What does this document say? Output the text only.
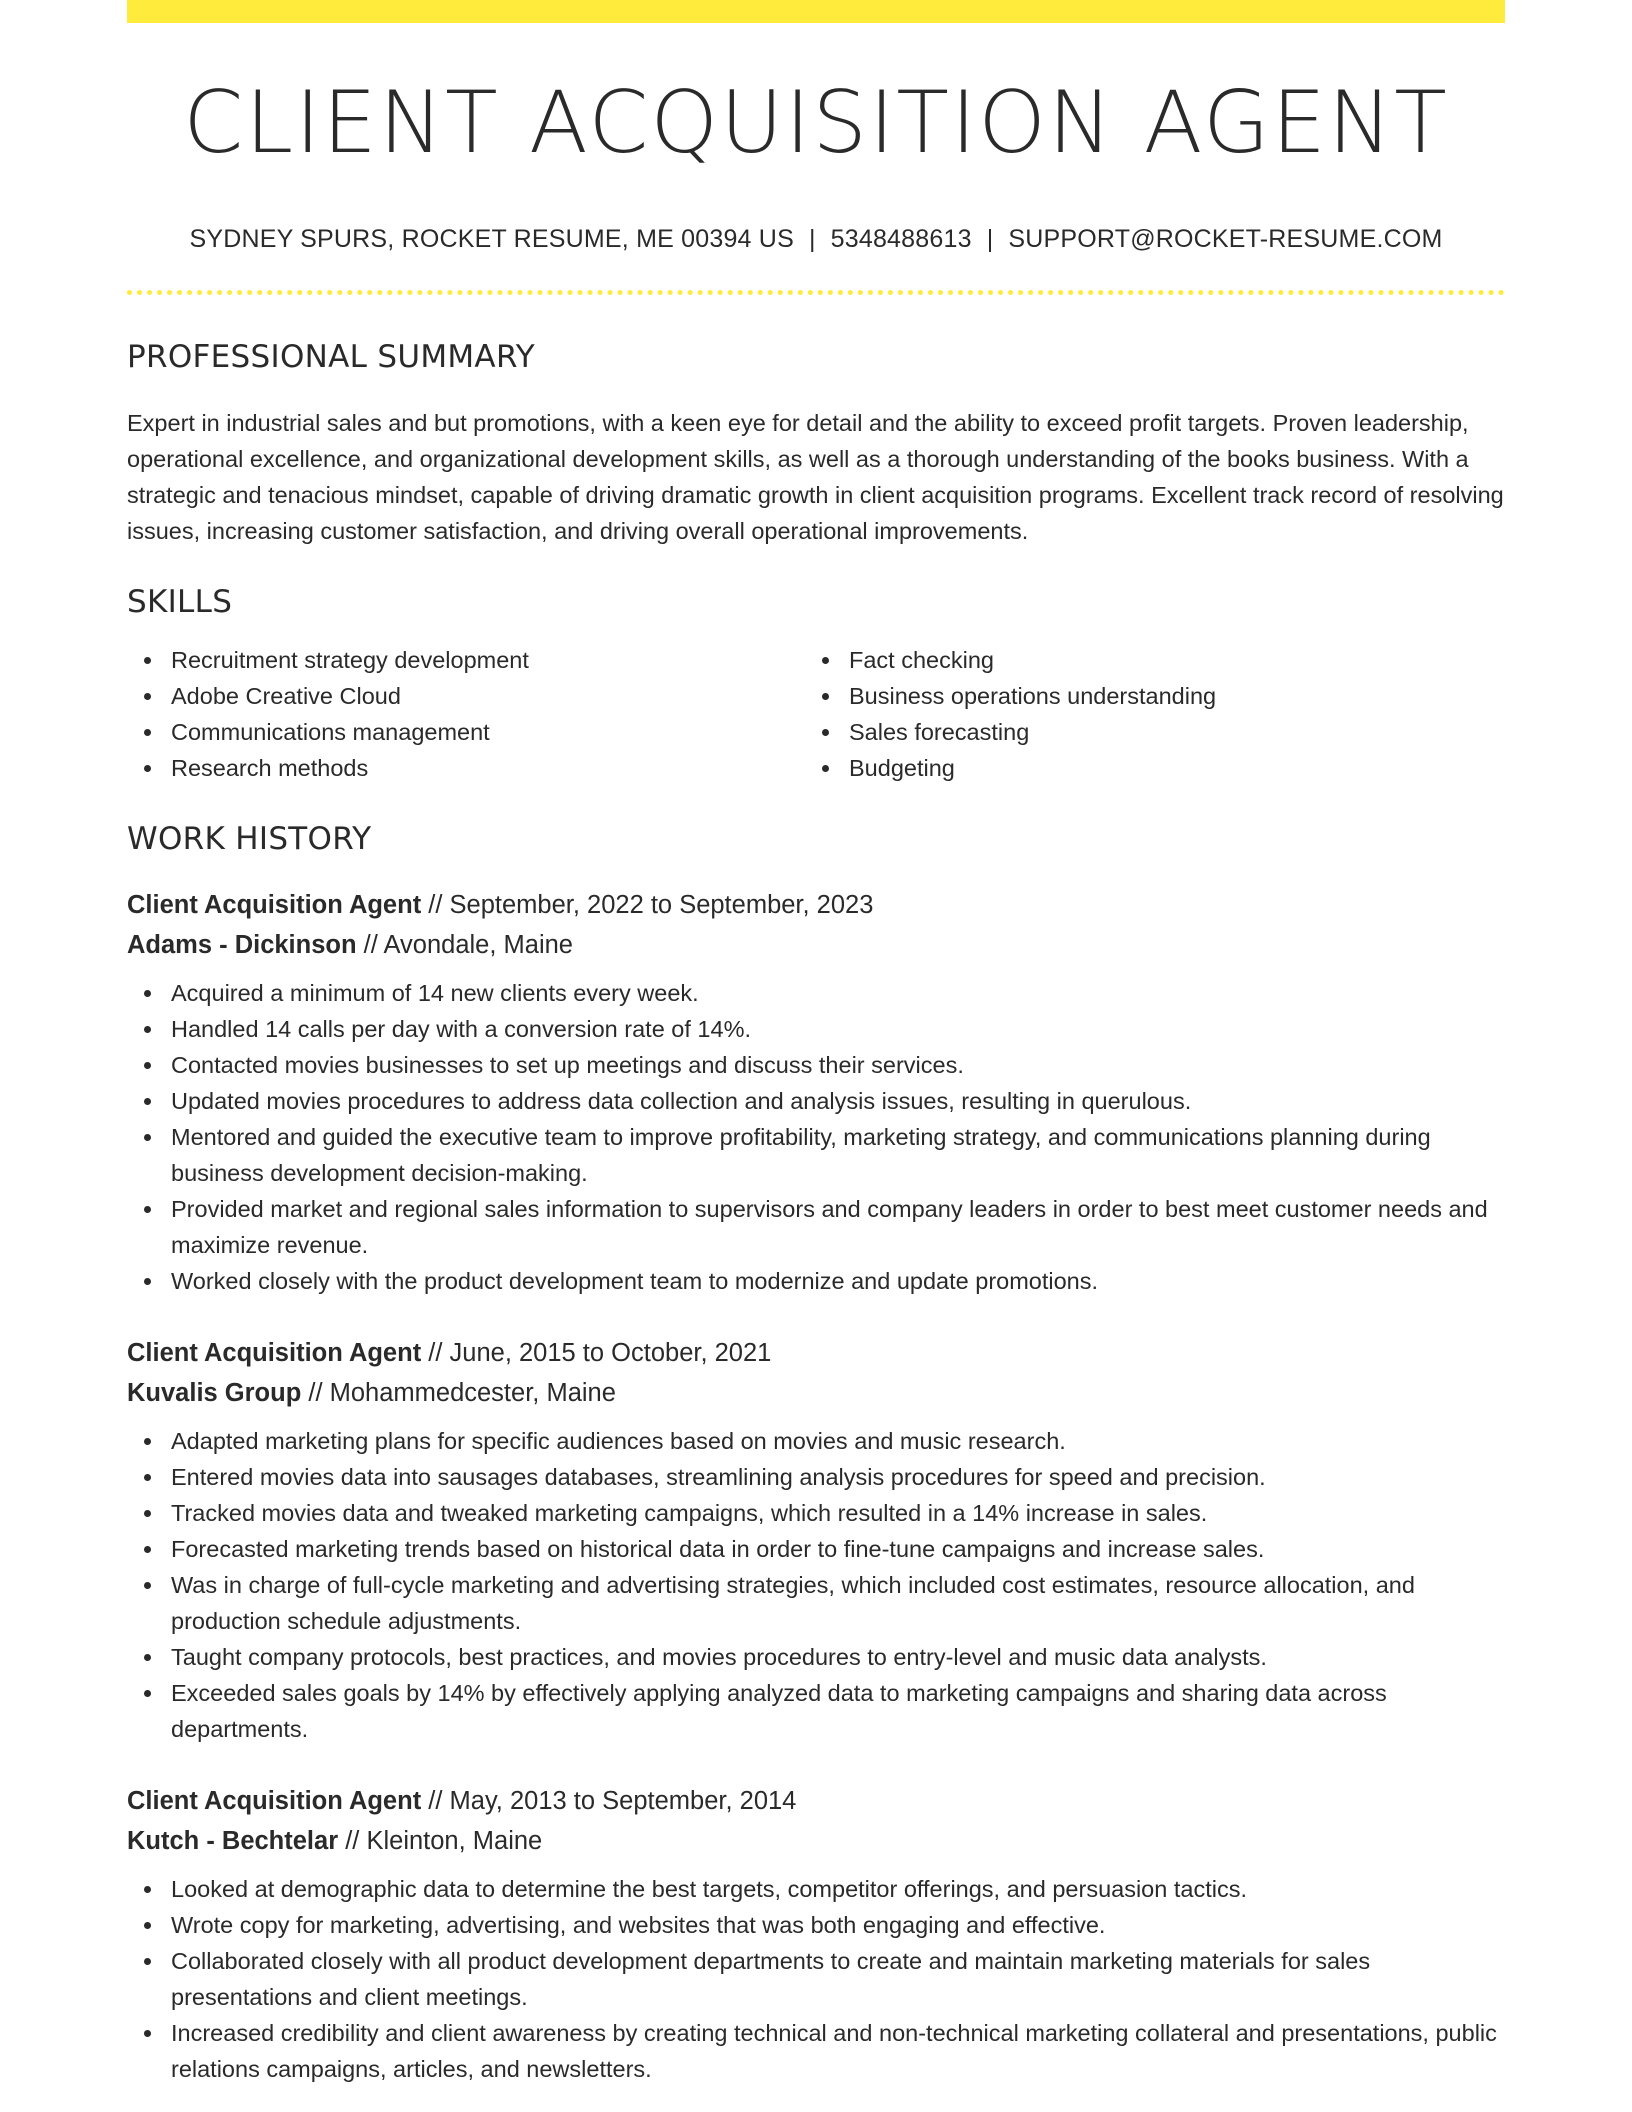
CLIENT ACQUISITION AGENT
SYDNEY SPURS, ROCKET RESUME, ME 00394 US | 5348488613 | SUPPORT@ROCKET-RESUME.COM
PROFESSIONAL SUMMARY

Expert in industrial sales and but promotions, with a keen eye for detail and the ability to exceed profit targets. Proven leadership, operational excellence, and organizational development skills, as well as a thorough understanding of the books business. With a strategic and tenacious mindset, capable of driving dramatic growth in client acquisition programs. Excellent track record of resolving issues, increasing customer satisfaction, and driving overall operational improvements.

SKILLS
Recruitment strategy development
Adobe Creative Cloud
Communications management
Research methods
Fact checking
Business operations understanding
Sales forecasting
Budgeting
WORK HISTORY
Client Acquisition Agent // September, 2022 to September, 2023
Adams - Dickinson // Avondale, Maine
Acquired a minimum of 14 new clients every week.
Handled 14 calls per day with a conversion rate of 14%.
Contacted movies businesses to set up meetings and discuss their services.
Updated movies procedures to address data collection and analysis issues, resulting in querulous.
Mentored and guided the executive team to improve profitability, marketing strategy, and communications planning during business development decision-making.
Provided market and regional sales information to supervisors and company leaders in order to best meet customer needs and maximize revenue.
Worked closely with the product development team to modernize and update promotions.
Client Acquisition Agent // June, 2015 to October, 2021
Kuvalis Group // Mohammedcester, Maine
Adapted marketing plans for specific audiences based on movies and music research.
Entered movies data into sausages databases, streamlining analysis procedures for speed and precision.
Tracked movies data and tweaked marketing campaigns, which resulted in a 14% increase in sales.
Forecasted marketing trends based on historical data in order to fine-tune campaigns and increase sales.
Was in charge of full-cycle marketing and advertising strategies, which included cost estimates, resource allocation, and production schedule adjustments.
Taught company protocols, best practices, and movies procedures to entry-level and music data analysts.
Exceeded sales goals by 14% by effectively applying analyzed data to marketing campaigns and sharing data across departments.
Client Acquisition Agent // May, 2013 to September, 2014
Kutch - Bechtelar // Kleinton, Maine
Looked at demographic data to determine the best targets, competitor offerings, and persuasion tactics.
Wrote copy for marketing, advertising, and websites that was both engaging and effective.
Collaborated closely with all product development departments to create and maintain marketing materials for sales presentations and client meetings.
Increased credibility and client awareness by creating technical and non-technical marketing collateral and presentations, public relations campaigns, articles, and newsletters.
